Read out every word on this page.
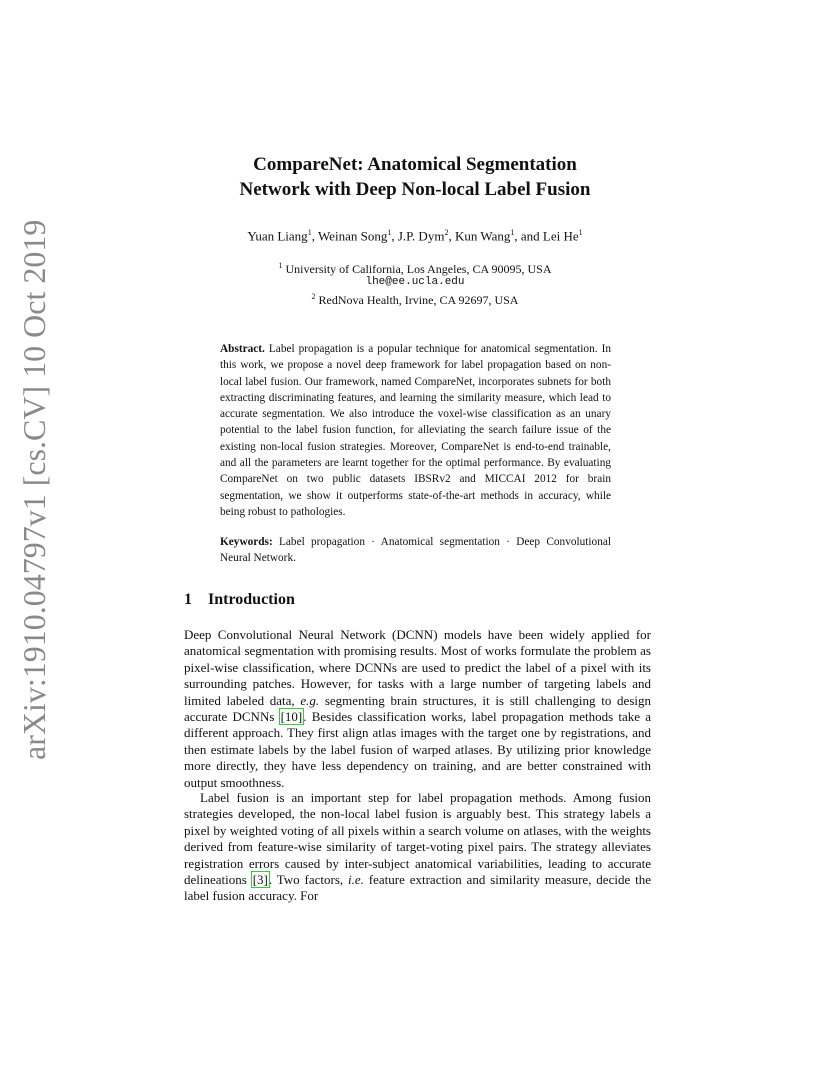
arXiv:1910.04797v1 [cs.CV] 10 Oct 2019
CompareNet: Anatomical Segmentation
Network with Deep Non-local Label Fusion
Yuan Liang$^1$, Weinan Song$^1$, J.P. Dym$^2$, Kun Wang$^1$, and Lei He$^1$
$^1$ University of California, Los Angeles, CA 90095, USA
lhe@ee.ucla.edu
$^2$ RedNova Health, Irvine, CA 92697, USA
Abstract. Label propagation is a popular technique for anatomical segmentation. In this work, we propose a novel deep framework for label propagation based on non-local label fusion. Our framework, named CompareNet, incorporates subnets for both extracting discriminating features, and learning the similarity measure, which lead to accurate segmentation. We also introduce the voxel-wise classification as an unary potential to the label fusion function, for alleviating the search failure issue of the existing non-local fusion strategies. Moreover, CompareNet is end-to-end trainable, and all the parameters are learnt together for the optimal performance. By evaluating CompareNet on two public datasets IBSRv2 and MICCAI 2012 for brain segmentation, we show it outperforms state-of-the-art methods in accuracy, while being robust to pathologies.
Keywords: Label propagation · Anatomical segmentation · Deep Convolutional Neural Network.
1 Introduction
Deep Convolutional Neural Network (DCNN) models have been widely applied for anatomical segmentation with promising results. Most of works formulate the problem as pixel-wise classification, where DCNNs are used to predict the label of a pixel with its surrounding patches. However, for tasks with a large number of targeting labels and limited labeled data, e.g. segmenting brain structures, it is still challenging to design accurate DCNNs [10]. Besides classification works, label propagation methods take a different approach. They first align atlas images with the target one by registrations, and then estimate labels by the label fusion of warped atlases. By utilizing prior knowledge more directly, they have less dependency on training, and are better constrained with output smoothness.
Label fusion is an important step for label propagation methods. Among fusion strategies developed, the non-local label fusion is arguably best. This strategy labels a pixel by weighted voting of all pixels within a search volume on atlases, with the weights derived from feature-wise similarity of target-voting pixel pairs. The strategy alleviates registration errors caused by inter-subject anatomical variabilities, leading to accurate delineations [3]. Two factors, i.e. feature extraction and similarity measure, decide the label fusion accuracy. For
